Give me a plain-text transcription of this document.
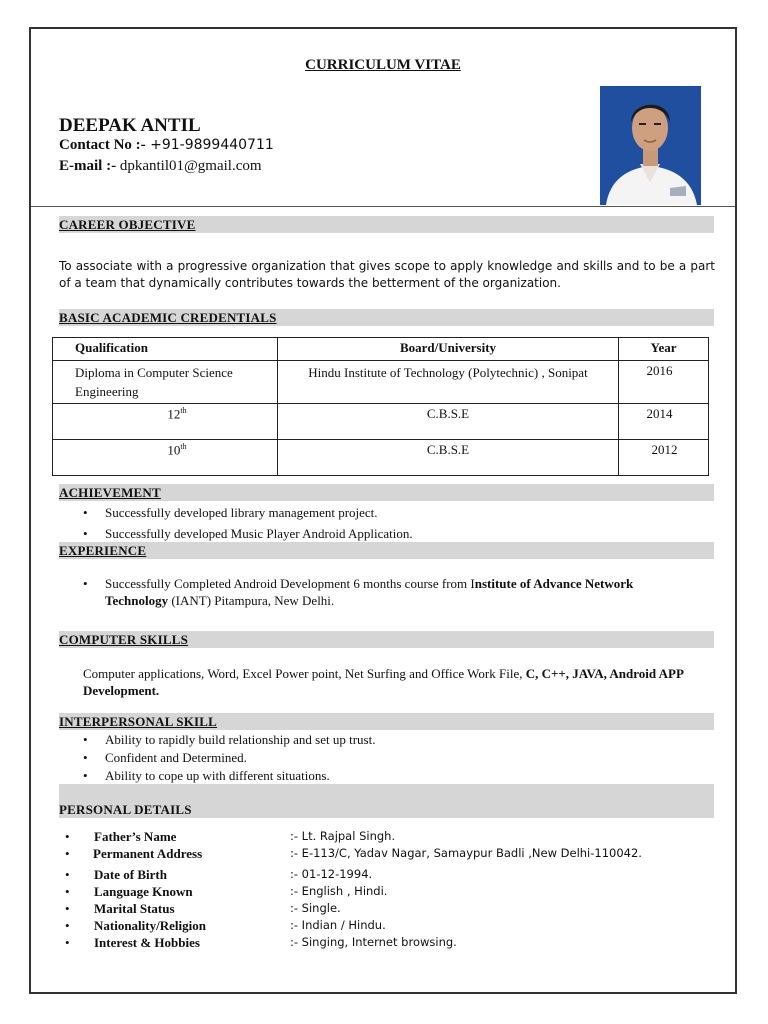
CURRICULUM VITAE
DEEPAK ANTIL
Contact No :- +91-9899440711
E-mail :- dpkantil01@gmail.com
CAREER OBJECTIVE
To associate with a progressive organization that gives scope to apply knowledge and skills and to be a part of a team that dynamically contributes towards the betterment of the organization.
BASIC ACADEMIC CREDENTIALS
Qualification	Board/University	Year
Diploma in Computer Science Engineering	Hindu Institute of Technology (Polytechnic) , Sonipat	2016
12th	C.B.S.E	2014
10th	C.B.S.E	2012
ACHIEVEMENT
• Successfully developed library management project.
• Successfully developed Music Player Android Application.
EXPERIENCE
• Successfully Completed Android Development 6 months course from Institute of Advance Network Technology (IANT) Pitampura, New Delhi.
COMPUTER SKILLS
Computer applications, Word, Excel Power point, Net Surfing and Office Work File, C, C++, JAVA, Android APP Development.
INTERPERSONAL SKILL
• Ability to rapidly build relationship and set up trust.
• Confident and Determined.
• Ability to cope up with different situations.
PERSONAL DETAILS
• Father’s Name	:- Lt. Rajpal Singh.
• Permanent Address	:- E-113/C, Yadav Nagar, Samaypur Badli ,New Delhi-110042.
• Date of Birth	:- 01-12-1994.
• Language Known	:- English , Hindi.
• Marital Status	:- Single.
• Nationality/Religion	:- Indian / Hindu.
• Interest & Hobbies	:- Singing, Internet browsing.
